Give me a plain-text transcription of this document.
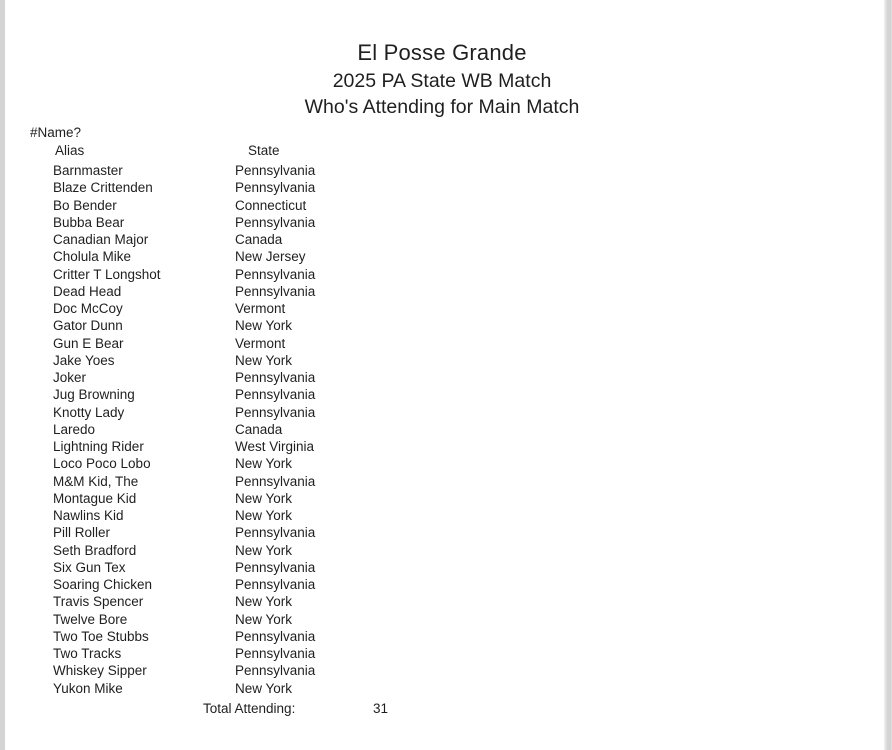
El Posse Grande
2025 PA State WB Match
Who's Attending for Main Match
#Name?
Alias	State
Barnmaster	Pennsylvania
Blaze Crittenden	Pennsylvania
Bo Bender	Connecticut
Bubba Bear	Pennsylvania
Canadian Major	Canada
Cholula Mike	New Jersey
Critter T Longshot	Pennsylvania
Dead Head	Pennsylvania
Doc McCoy	Vermont
Gator Dunn	New York
Gun E Bear	Vermont
Jake Yoes	New York
Joker	Pennsylvania
Jug Browning	Pennsylvania
Knotty Lady	Pennsylvania
Laredo	Canada
Lightning Rider	West Virginia
Loco Poco Lobo	New York
M&M Kid, The	Pennsylvania
Montague Kid	New York
Nawlins Kid	New York
Pill Roller	Pennsylvania
Seth Bradford	New York
Six Gun Tex	Pennsylvania
Soaring Chicken	Pennsylvania
Travis Spencer	New York
Twelve Bore	New York
Two Toe Stubbs	Pennsylvania
Two Tracks	Pennsylvania
Whiskey Sipper	Pennsylvania
Yukon Mike	New York
Total Attending:	31
